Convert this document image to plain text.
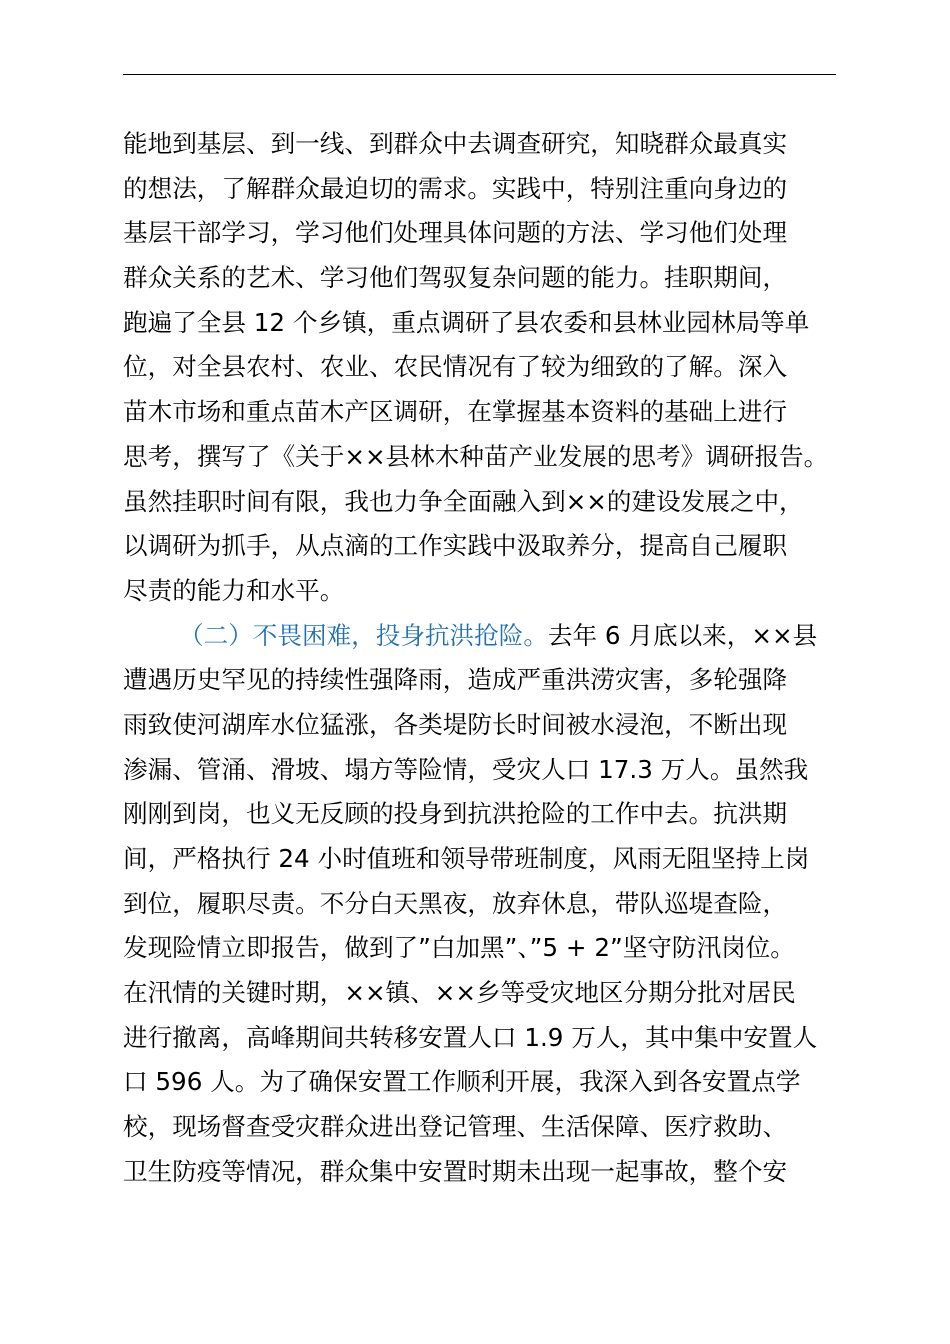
能地到基层、到一线、到群众中去调查研究，知晓群众最真实
的想法，了解群众最迫切的需求。实践中，特别注重向身边的
基层干部学习，学习他们处理具体问题的方法、学习他们处理
群众关系的艺术、学习他们驾驭复杂问题的能力。挂职期间，
跑遍了全县 12 个乡镇，重点调研了县农委和县林业园林局等单
位，对全县农村、农业、农民情况有了较为细致的了解。深入
苗木市场和重点苗木产区调研，在掌握基本资料的基础上进行
思考，撰写了《关于××县林木种苗产业发展的思考》调研报告。
虽然挂职时间有限，我也力争全面融入到××的建设发展之中，
以调研为抓手，从点滴的工作实践中汲取养分，提高自己履职
尽责的能力和水平。
（二）不畏困难，投身抗洪抢险。去年 6 月底以来，××县
遭遇历史罕见的持续性强降雨，造成严重洪涝灾害，多轮强降
雨致使河湖库水位猛涨，各类堤防长时间被水浸泡，不断出现
渗漏、管涌、滑坡、塌方等险情，受灾人口 17.3 万人。虽然我
刚刚到岗，也义无反顾的投身到抗洪抢险的工作中去。抗洪期
间，严格执行 24 小时值班和领导带班制度，风雨无阻坚持上岗
到位，履职尽责。不分白天黑夜，放弃休息，带队巡堤查险，
发现险情立即报告，做到了”白加黑”、”5 + 2”坚守防汛岗位。
在汛情的关键时期，××镇、××乡等受灾地区分期分批对居民
进行撤离，高峰期间共转移安置人口 1.9 万人，其中集中安置人
口 596 人。为了确保安置工作顺利开展，我深入到各安置点学
校，现场督查受灾群众进出登记管理、生活保障、医疗救助、
卫生防疫等情况，群众集中安置时期未出现一起事故，整个安
